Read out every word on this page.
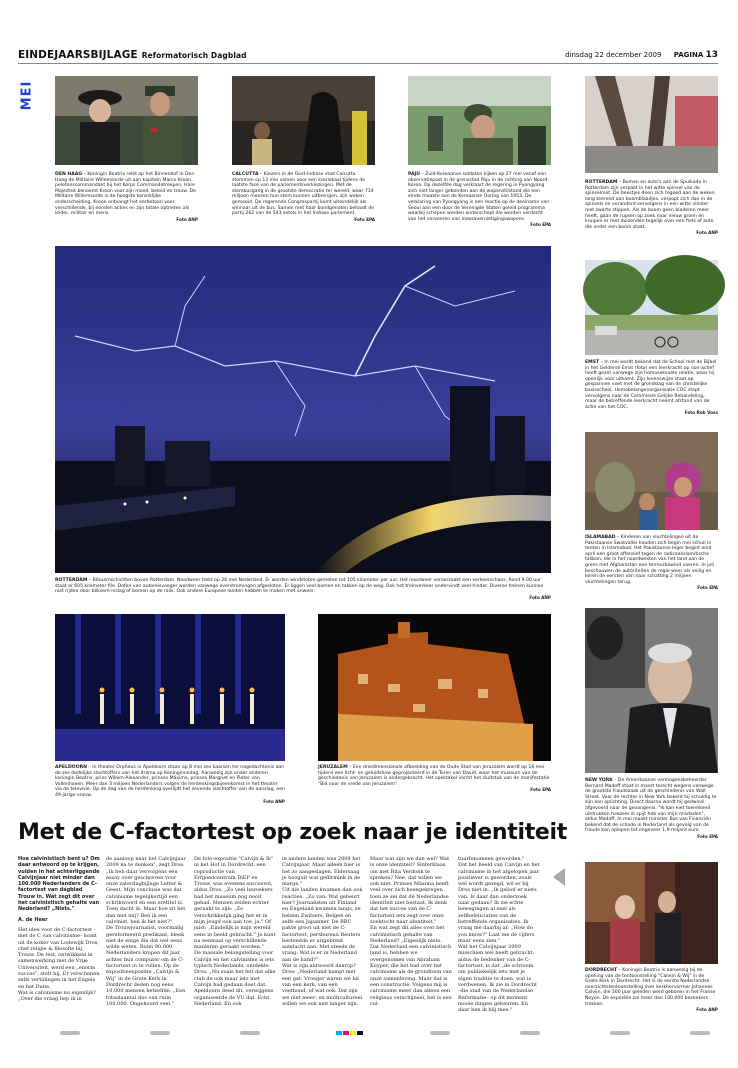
EINDEJAARSBIJLAGE Reformatorisch Dagblad	dinsdag 22 december 2009 PAGINA 13
MEI
DEN HAAG – Koningin Beatrix reikt op het Binnenhof in Den Haag de Militaire Willemsorde uit aan kapitein Marco Kroon, peletonscommandant bij het Korps Commandotroepen. Hare Majesteit benoemt Kroon voor zijn moed, beleid en trouw. De Militaire Willemsorde is de hoogste koninklijke onderscheiding. Kroon ontvangt het eerbetoon voor verschillende, bij eenden acties en zijn totale optreden als leider, militair en mens.
Foto ANP
CALCUTTA – Kiezers in de Oost-Indiase stad Calcutta stemmen op 13 mei samen voor een kieslokaal tijdens de laatste fase van de parlementsverkiezingen. Met de stembusgang in de grootste democratie ter wereld, waar 714 miljoen mensen hun stem kunnen uitbrengen, zijn weken gemoeid. De regerende Congrespartij komt uiteindelijk als winnaar uit de bus. Samen met haar bondgenoten behaalt de partij 262 van de 543 zetels in het Indiase parlement.
Foto EPA
PAJU – Zuid-Koreaanse soldaten kijken op 27 mei vanaf een observatiepost in de grensstad Paju in de richting van Noord-Korea. Op dezelfde dag verklaart de regering in Pyongyang zich niet langer gebonden aan de wapenstilstand die een einde maakte aan de Koreaanse Oorlog van 1953. De verklaring van Pyongyang is een reactie op de deelname van Seoul aan een door de Verenigde Staten geleid programma waarbij schepen worden onderschept die worden verdacht van het vervoeren van massavernietigingswapens.
Foto EPA
ROTTERDAM – Bomen en auto's aan de Spuikade in Rotterdam zijn verpakt in het witte spinsel van de spinselmot. De beestjes doen zich tegoed aan de weken lang teerend aan boomblaadjes, verpopt zich dan in de spinsels en veranderd vervolgens in een witte vlinder met zwarte stippen. Als de boom geen bladeren meer heeft, gaan de rupsen op zoek naar nieuw groen en kruipen er met duizenden tegelijk over een fiets of auto die onder een boom staat.
Foto ANP
ROTTERDAM – Bliksemschichten boven Rotterdam. Noodweer trekt op 26 mei Nederland. Er worden windstoten gemeten tot 105 kilometer per uur. Het noodweer veroorzaakt een verkeerschaos. Rond 9.00 uur staat er 605 kilometer file. Dofen van autoreisvoeger worden vanwege overstromingen afgesloten. Er liggen veel bomen en takken op de weg. Ook het treinverkeer ondervindt veel hinder. Diverse treinen kunnen niet rijden door bliksem-inslag of bomen op de rails. Ook andere Europese landen hebben te maken met onweer.
Foto ANP
EMST – In mei wordt bekend dat de School met de Bijbel in het Geldersé Emst (foto) een leerkracht op non-actief heeft gezet vanwege zijn homoseksuele relatie, waar hij openlijk voor uitkomt. Zijn levenswijze staat op gespannen voet met de grondslag van de christelijke basisschool. Homobelangenorganisatie COC stapt vervolgens naar de Commissie Gelijke Behandeling, maar de betreffende leerkracht neemt afstand van de actie van het COC.
Foto Rob Voss
ISLAMABAD – Kinderen van vluchtelingen uit de Pakistaanse Swatvallei houden zich begin mei schuil in tenten in Islamabad. Het Pakistaanse leger begint eind april een groot offensief tegen de radicaalislamitische taliban, die in het noordwesten van het land aan de grens met Afghanistan een terreurbewind voeren. In juli beschouwen de autoriteiten de regio weer als veilig en keren de eersten van naar schatting 2 miljoen vluchtelingen terug.
Foto EPA
NEW YORK – De Amerikaanse vermogensbeheerder Bernard Madoff staat in maart terecht wegens vanwege de grootste fraudezaak uit de geschiedenis van Wall Street. Voor de rechter in New York bekent hij schuldig te zijn aan oplichting. Direct daarna wordt hij gedwind afgevoerd naar de gevangenis. "Ik kan niet toereikend uitdrukken hoezeer ik spijt heb van mijn misdaden", aldus Madoff. In mei maakt minister Bos van Financiën bekend dat de schade in Nederland als gevolg van de fraude kan oplopen tot ongeveer 1,9 miljard euro.
Foto EPA
APELDOORN – In theater Orpheus in Apeldoorn staan op 8 mei zes kaarsen ter nagedachtenis aan de zes dodelijke slachtoffers van het drama op Koninginnedag. Aanwezig zijn onder anderen koningin Beatrix, prins Willem-Alexander, prinses Máxima, prinses Margriet en Pieter van Vollenhoven. Meer dan 3 miljoen Nederlanders volgen de herdenkingsbijeenkomst in het theater via de televisie. Op de dag van de herdenking overlijdt het zevende slachtoffer van de aanslag, een 49-jarige vrouw.
Foto ANP
JERUZALEM – Een driedimensionale afbeelding van de Oude Stad van Jeruzalem wordt op 16 mei tijdens een licht- en geluidshow geprojecteerd in de Toren van David, waar het museum van de geschiedenis van Jeruzalem is ondergebracht. Het spektakel vormt het sluitstuk van de manifestatie "Bid voor de vrede van Jeruzalem".
Foto EPA
Met de C-factortest op zoek naar je identiteit

Hoe calvinistisch bent u? Om daar antwoord op te krijgen, vulden in het achterliggende Calvijnjaar niet minder dan 100.000 Nederlanders de C-factortest van dagblad Trouw in. Wat zegt dit over het calvinistisch gehalte van Nederland? „Niets."

A. de Heer

Het idee voor de C-factortest –met de C van calvinisme– komt uit de koker van Lodewijk Dros, chef religie & filosofie bij Trouw. De test, ontwikkeld in samenwerking met de Vrije Universiteit, werd een „enorm succes", stelt hij. Er verschenen zelfs vertalingen in het Engels en het Duits.
Wat is calvinisme nu eigenlijk? „Over die vraag liep ik in

de aanloop naar het Calvijnjaar 2009 na te denken", zegt Dros. „Ik heb daar vervolgens een essay over geschreven voor onze zaterdagbijlage Letter & Geest. Mijn conclusie was dat calvinisme tegelijkertijd een schrikwoord én een eretitel is. Toen dacht ik: Maar hoe zit het dan met mij? Ben ik een calvinist, ben ik het niet?"
De Trouwjournalist, voormalig gereformeerd predikant, bleek niet de enige die dat wel eens wilde weten. Ruim 90.000 Nederlanders kropen dit jaar achter hun computer om de C-factortest in te vullen. Op de expositieexpositie „Calvijn & Wij" in de Grote Kerk in Dordrecht deden nog eens 10.000 mensen hetzelfde. „Een totaalaantal dus van ruim 100.000. Ongehoord veel."

De foto-expositie "Calvijn & Ik" in het Hof in Dordrecht, een coproductie van Erfgoedcentrum DiEP en Trouw, was evenens succesvol, aldus Dros. „Zo veel bezoekers had het museum nog nooit gehad. Mensen zeiden echter geraakt te zijn: „Zo verschrikkelijk ging het er in mijn jeugd ook aan toe, ja." Of juist: „Eindelijk is mijn wereld eens in beeld gebracht." Je kunt nu eenmaal op verschillende manieren geraakt worden."
De massale belangstelling voor Calvijn en het calvinisme is iets typisch Nederlands, ontdekte Dros. „Nu zoals het feit dat elke club de ook maar iets met Calvijn had gedaan doet dat. Apeldoorn deed dit, verwijgens organiseerde de VU dat. Echt Nederland. En ook

in andere landen was 2009 het Calvijnjaar. Maar alleen hier is het zo aangeslagen. Eldersaag je hooguit wat geflirmink in de marge."
Uit die landen kwamen dan ook reacties. „Zo van: Wat gebeurt hier? Journalisten uit Finland en Engeland kwamen langs, ze belden Zwitsers, Belgen en zelfs een Japanner. De BBC pakte groot uit met de C-factortest, persbureau Reuters besteedde er uitgebreid aandacht aan. Met steeds de vraag: Wat is er in Nederland aan de hand?"
Wat is zijn antwoord daarop? Dros: „Nederland kampt met een gat. Vroeger waren we hil van een kerk, van een voetbond, of wat ook. Dat zijn we niet meer; en multicultureel willen we ook niet langer zijn.

Maar wat zijn we dan wel? Wat is onze identiteit? Sinterklaas, om met Rita Verdonk te spreken? Nee, dat willen we ook niet. Prinses Máxima heeft veel over zich heengekregen toen ze zei dat dé Nederlandse identiteit niet bestaat. Ik denk dat het succes van de C-factortest iets zegt over onze zoektocht naar identiteit."
En wat zegt dit alles over het calvinistisch gehalte van Nederland? „Eigenlijk niets. Dat Nederland een calvinistisch land is, hebben we overgenomen van Abraham Kuyper, die het had over het calvinisme als de grondtoon van onze samenleving. Maar dat is een constructie. Volgens mij is calvinisme meer dan alleen een religieus verschijnsel, het is een cul-

tuurfenomeen geworden."
Dat het beeld van Calvijn en het calvinisme in het afgelopen jaar positiever is geworden, zoals wel wordt gezegd, wil er bij Dros niet in. „Ik geloof er niets van. Is daar dan onderzoek naar gedaan? Ik zie echte bewegingen al snel als zelfbefeliciaties van de betreffende organisaties. Ik vraag me daarbij af: „How do you know?" Laat me de cijfers maar eens zien."
Wat het Calvijnjaar 2009 misschien wel heeft gebracht, aldus de bedenker van de C-factortest, is dat „de schroom om publiekelijk iets met je eigen traditie te doen, wat is verdwenen. Ik zie in Dordrecht –die stad van de Nederlandse Reformatie– op dit moment mooie dingen gebeuren. En daar ben ik blij mee."

DORDRECHT – Koningin Beatrix is aanwezig bij de opening van de tentoonstelling "Calvijn & Wij" in de Grote Kerk in Dordrecht. Het is de eerste Nederlandse overzichtstentoonstelling over kerkhervormer Johannes Calvijn, die 500 jaar geleden werd geboren in het Franse Noyon. De expositie zal meer dan 100.000 bezoekers trekken.
Foto ANP
